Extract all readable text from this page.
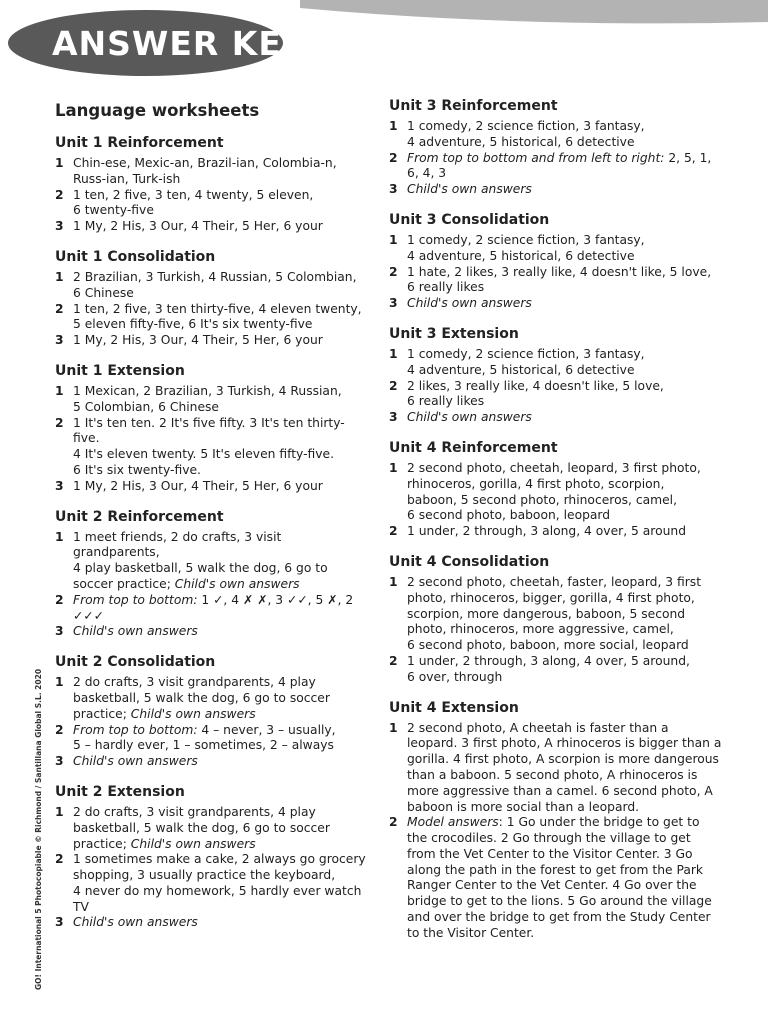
ANSWER KEY
Language worksheets
Unit 1 Reinforcement
1 Chin-ese, Mexic-an, Brazil-ian, Colombia-n,
Russ-ian, Turk-ish
2 1 ten, 2 five, 3 ten, 4 twenty, 5 eleven,
6 twenty-five
3 1 My, 2 His, 3 Our, 4 Their, 5 Her, 6 your
Unit 1 Consolidation
1 2 Brazilian, 3 Turkish, 4 Russian, 5 Colombian,
6 Chinese
2 1 ten, 2 five, 3 ten thirty-five, 4 eleven twenty,
5 eleven fifty-five, 6 It's six twenty-five
3 1 My, 2 His, 3 Our, 4 Their, 5 Her, 6 your
Unit 1 Extension
1 1 Mexican, 2 Brazilian, 3 Turkish, 4 Russian,
5 Colombian, 6 Chinese
2 1 It's ten ten. 2 It's five fifty. 3 It's ten thirty-five.
4 It's eleven twenty. 5 It's eleven fifty-five.
6 It's six twenty-five.
3 1 My, 2 His, 3 Our, 4 Their, 5 Her, 6 your
Unit 2 Reinforcement
1 1 meet friends, 2 do crafts, 3 visit grandparents,
4 play basketball, 5 walk the dog, 6 go to
soccer practice; Child's own answers
2 From top to bottom: 1 ✓, 4 ✗ ✗, 3 ✓✓, 5 ✗, 2 ✓✓✓
3 Child's own answers
Unit 2 Consolidation
1 2 do crafts, 3 visit grandparents, 4 play
basketball, 5 walk the dog, 6 go to soccer
practice; Child's own answers
2 From top to bottom: 4 – never, 3 – usually,
5 – hardly ever, 1 – sometimes, 2 – always
3 Child's own answers
Unit 2 Extension
1 2 do crafts, 3 visit grandparents, 4 play
basketball, 5 walk the dog, 6 go to soccer
practice; Child's own answers
2 1 sometimes make a cake, 2 always go grocery
shopping, 3 usually practice the keyboard,
4 never do my homework, 5 hardly ever watch TV
3 Child's own answers
Unit 3 Reinforcement
1 1 comedy, 2 science fiction, 3 fantasy,
4 adventure, 5 historical, 6 detective
2 From top to bottom and from left to right: 2, 5, 1,
6, 4, 3
3 Child's own answers
Unit 3 Consolidation
1 1 comedy, 2 science fiction, 3 fantasy,
4 adventure, 5 historical, 6 detective
2 1 hate, 2 likes, 3 really like, 4 doesn't like, 5 love,
6 really likes
3 Child's own answers
Unit 3 Extension
1 1 comedy, 2 science fiction, 3 fantasy,
4 adventure, 5 historical, 6 detective
2 2 likes, 3 really like, 4 doesn't like, 5 love,
6 really likes
3 Child's own answers
Unit 4 Reinforcement
1 2 second photo, cheetah, leopard, 3 first photo,
rhinoceros, gorilla, 4 first photo, scorpion,
baboon, 5 second photo, rhinoceros, camel,
6 second photo, baboon, leopard
2 1 under, 2 through, 3 along, 4 over, 5 around
Unit 4 Consolidation
1 2 second photo, cheetah, faster, leopard, 3 first
photo, rhinoceros, bigger, gorilla, 4 first photo,
scorpion, more dangerous, baboon, 5 second
photo, rhinoceros, more aggressive, camel,
6 second photo, baboon, more social, leopard
2 1 under, 2 through, 3 along, 4 over, 5 around,
6 over, through
Unit 4 Extension
1 2 second photo, A cheetah is faster than a
leopard. 3 first photo, A rhinoceros is bigger than a
gorilla. 4 first photo, A scorpion is more dangerous
than a baboon. 5 second photo, A rhinoceros is
more aggressive than a camel. 6 second photo, A
baboon is more social than a leopard.
2 Model answers: 1 Go under the bridge to get to
the crocodiles. 2 Go through the village to get
from the Vet Center to the Visitor Center. 3 Go
along the path in the forest to get from the Park
Ranger Center to the Vet Center. 4 Go over the
bridge to get to the lions. 5 Go around the village
and over the bridge to get from the Study Center
to the Visitor Center.
GO! International 5 Photocopiable © Richmond / Santillana Global S.L. 2020
